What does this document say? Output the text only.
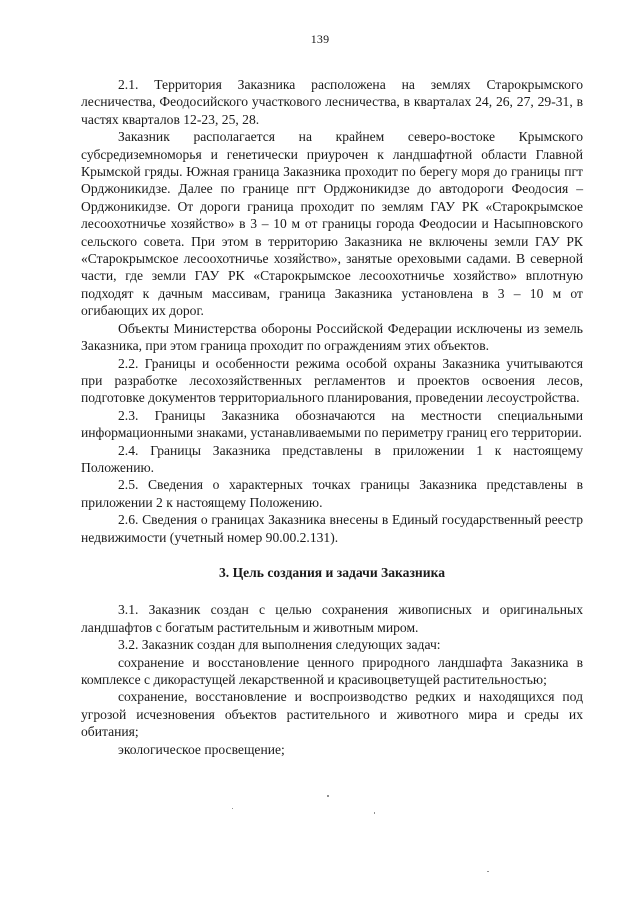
139

2.1. Территория Заказника расположена на землях Старокрымского лесничества, Феодосийского участкового лесничества, в кварталах 24, 26, 27, 29-31, в частях кварталов 12-23, 25, 28.

Заказник располагается на крайнем северо-востоке Крымского субсредиземноморья и генетически приурочен к ландшафтной области Главной Крымской гряды. Южная граница Заказника проходит по берегу моря до границы пгт Орджоникидзе. Далее по границе пгт Орджоникидзе до автодороги Феодосия – Орджоникидзе. От дороги граница проходит по землям ГАУ РК «Старокрымское лесоохотничье хозяйство» в 3 – 10 м от границы города Феодосии и Насыпновского сельского совета. При этом в территорию Заказника не включены земли ГАУ РК «Старокрымское лесоохотничье хозяйство», занятые ореховыми садами. В северной части, где земли ГАУ РК «Старокрымское лесоохотничье хозяйство» вплотную подходят к дачным массивам, граница Заказника установлена в 3 – 10 м от огибающих их дорог.

Объекты Министерства обороны Российской Федерации исключены из земель Заказника, при этом граница проходит по ограждениям этих объектов.

2.2. Границы и особенности режима особой охраны Заказника учитываются при разработке лесохозяйственных регламентов и проектов освоения лесов, подготовке документов территориального планирования, проведении лесоустройства.

2.3. Границы Заказника обозначаются на местности специальными информационными знаками, устанавливаемыми по периметру границ его территории.

2.4. Границы Заказника представлены в приложении 1 к настоящему Положению.

2.5. Сведения о характерных точках границы Заказника представлены в приложении 2 к настоящему Положению.

2.6. Сведения о границах Заказника внесены в Единый государственный реестр недвижимости (учетный номер 90.00.2.131).

3. Цель создания и задачи Заказника

3.1. Заказник создан с целью сохранения живописных и оригинальных ландшафтов с богатым растительным и животным миром.

3.2. Заказник создан для выполнения следующих задач:

сохранение и восстановление ценного природного ландшафта Заказника в комплексе с дикорастущей лекарственной и красивоцветущей растительностью;

сохранение, восстановление и воспроизводство редких и находящихся под угрозой исчезновения объектов растительного и животного мира и среды их обитания;

экологическое просвещение;
